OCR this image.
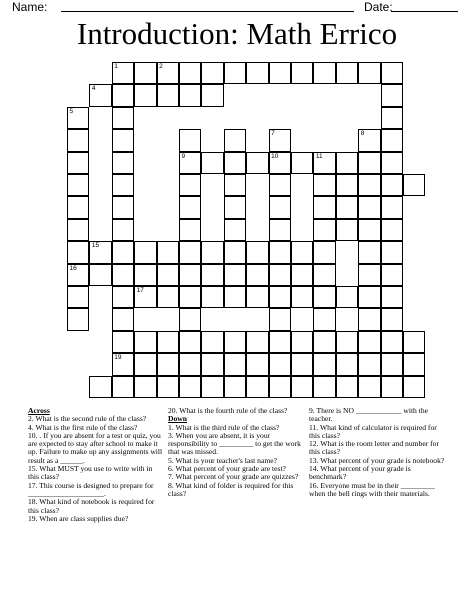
Name:	Date:
Introduction: Math Errico
1	2
4
9	10	11
15
16
17
19
5
7	8
Across
2. What is the second rule of the class?
4. What is the first rule of the class?
10. . If you are absent for a test or quiz, you are expected to stay after school to make it up. Failure to make up any assignments will result as a ______.
15. What MUST you use to write with in this class?
17. This course is designed to prepare for ____________________.
18. What kind of notebook is required for this class?
19. When are class supplies due?
20. What is the fourth rule of the class?
Down
1. What is the third rule of the class?
3. When you are absent, it is your responsibility to _________ to get the work that was missed.
5. What is your teacher's last name?
6. What percent of your grade are test?
7. What percent of your grade are quizzes?
8. What kind of folder is required for this class?
9. There is NO ____________ with the teacher.
11. What kind of calculator is required for this class?
12. What is the room letter and number for this class?
13. What percent of your grade is notebook?
14. What percent of your grade is benchmark?
16. Everyone must be in their _________ when the bell rings with their materials.
